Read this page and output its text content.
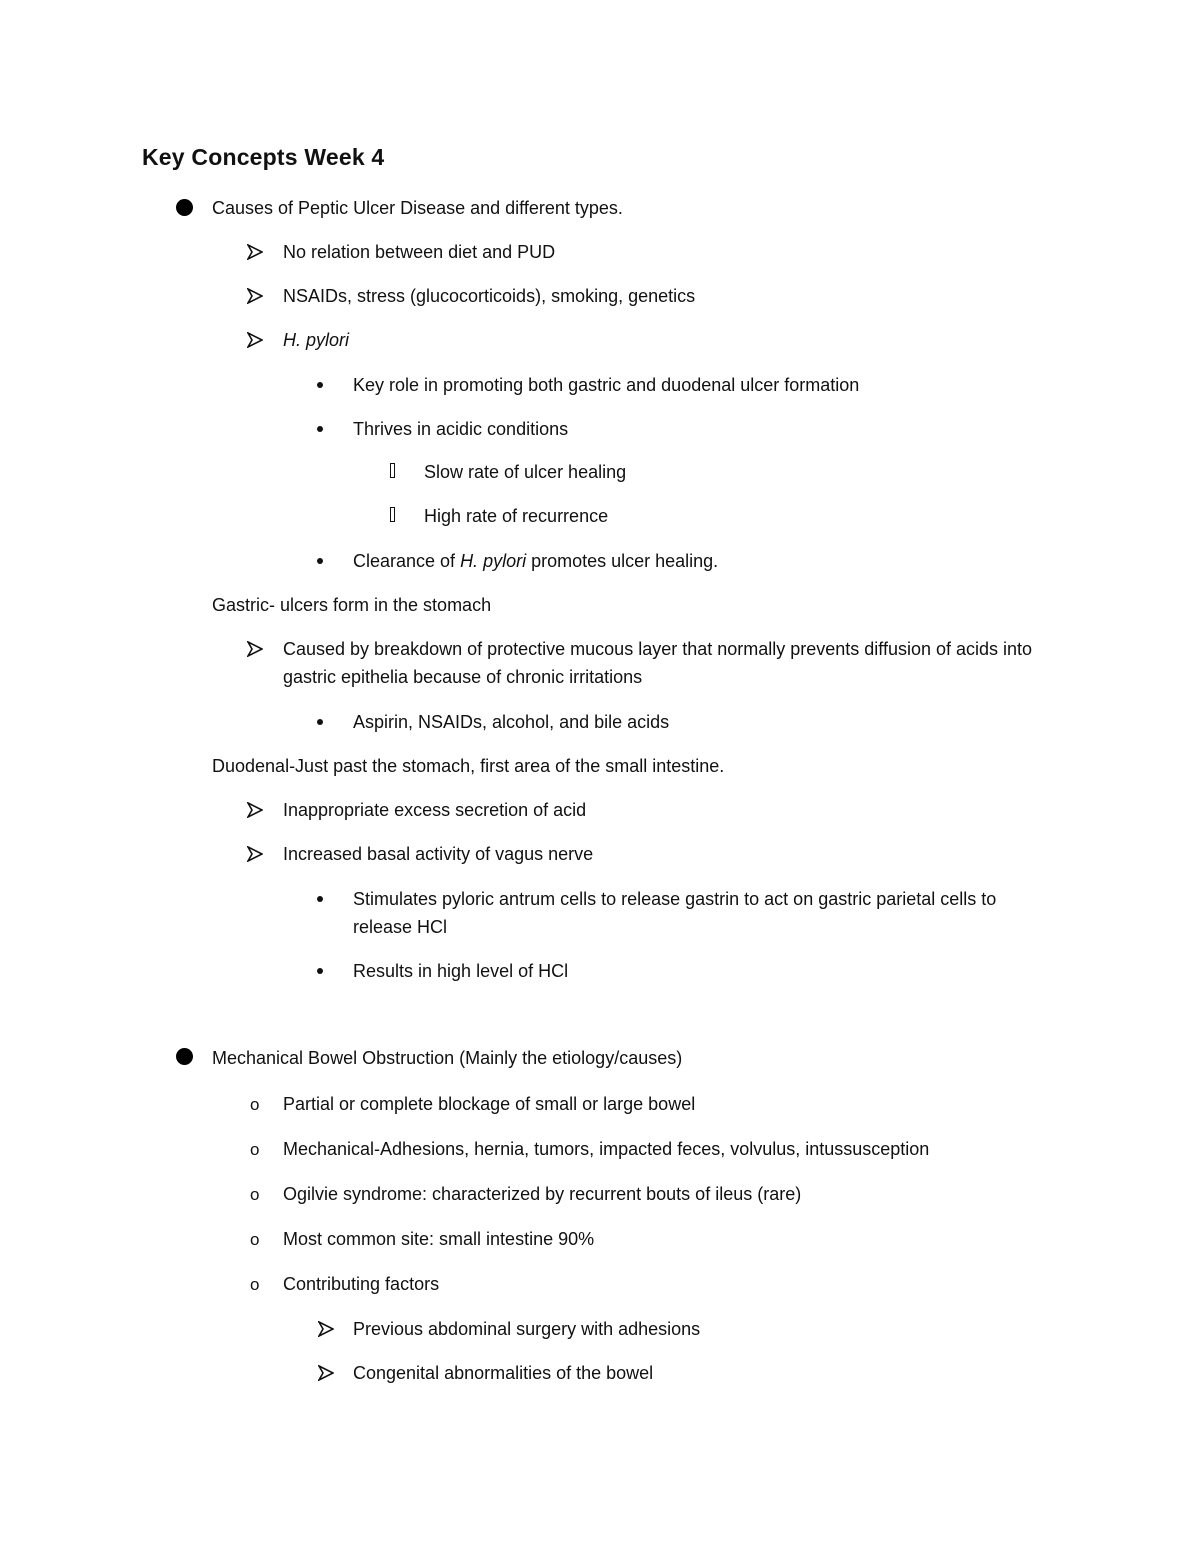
Key Concepts Week 4
Causes of Peptic Ulcer Disease and different types.
No relation between diet and PUD
NSAIDs, stress (glucocorticoids), smoking, genetics
H. pylori
Key role in promoting both gastric and duodenal ulcer formation
Thrives in acidic conditions
Slow rate of ulcer healing
High rate of recurrence
Clearance of H. pylori promotes ulcer healing.
Gastric- ulcers form in the stomach
Caused by breakdown of protective mucous layer that normally prevents diffusion of acids into gastric epithelia because of chronic irritations
Aspirin, NSAIDs, alcohol, and bile acids
Duodenal-Just past the stomach, first area of the small intestine.
Inappropriate excess secretion of acid
Increased basal activity of vagus nerve
Stimulates pyloric antrum cells to release gastrin to act on gastric parietal cells to release HCl
Results in high level of HCl
Mechanical Bowel Obstruction (Mainly the etiology/causes)
o Partial or complete blockage of small or large bowel
o Mechanical-Adhesions, hernia, tumors, impacted feces, volvulus, intussusception
o Ogilvie syndrome: characterized by recurrent bouts of ileus (rare)
o Most common site: small intestine 90%
o Contributing factors
Previous abdominal surgery with adhesions
Congenital abnormalities of the bowel
